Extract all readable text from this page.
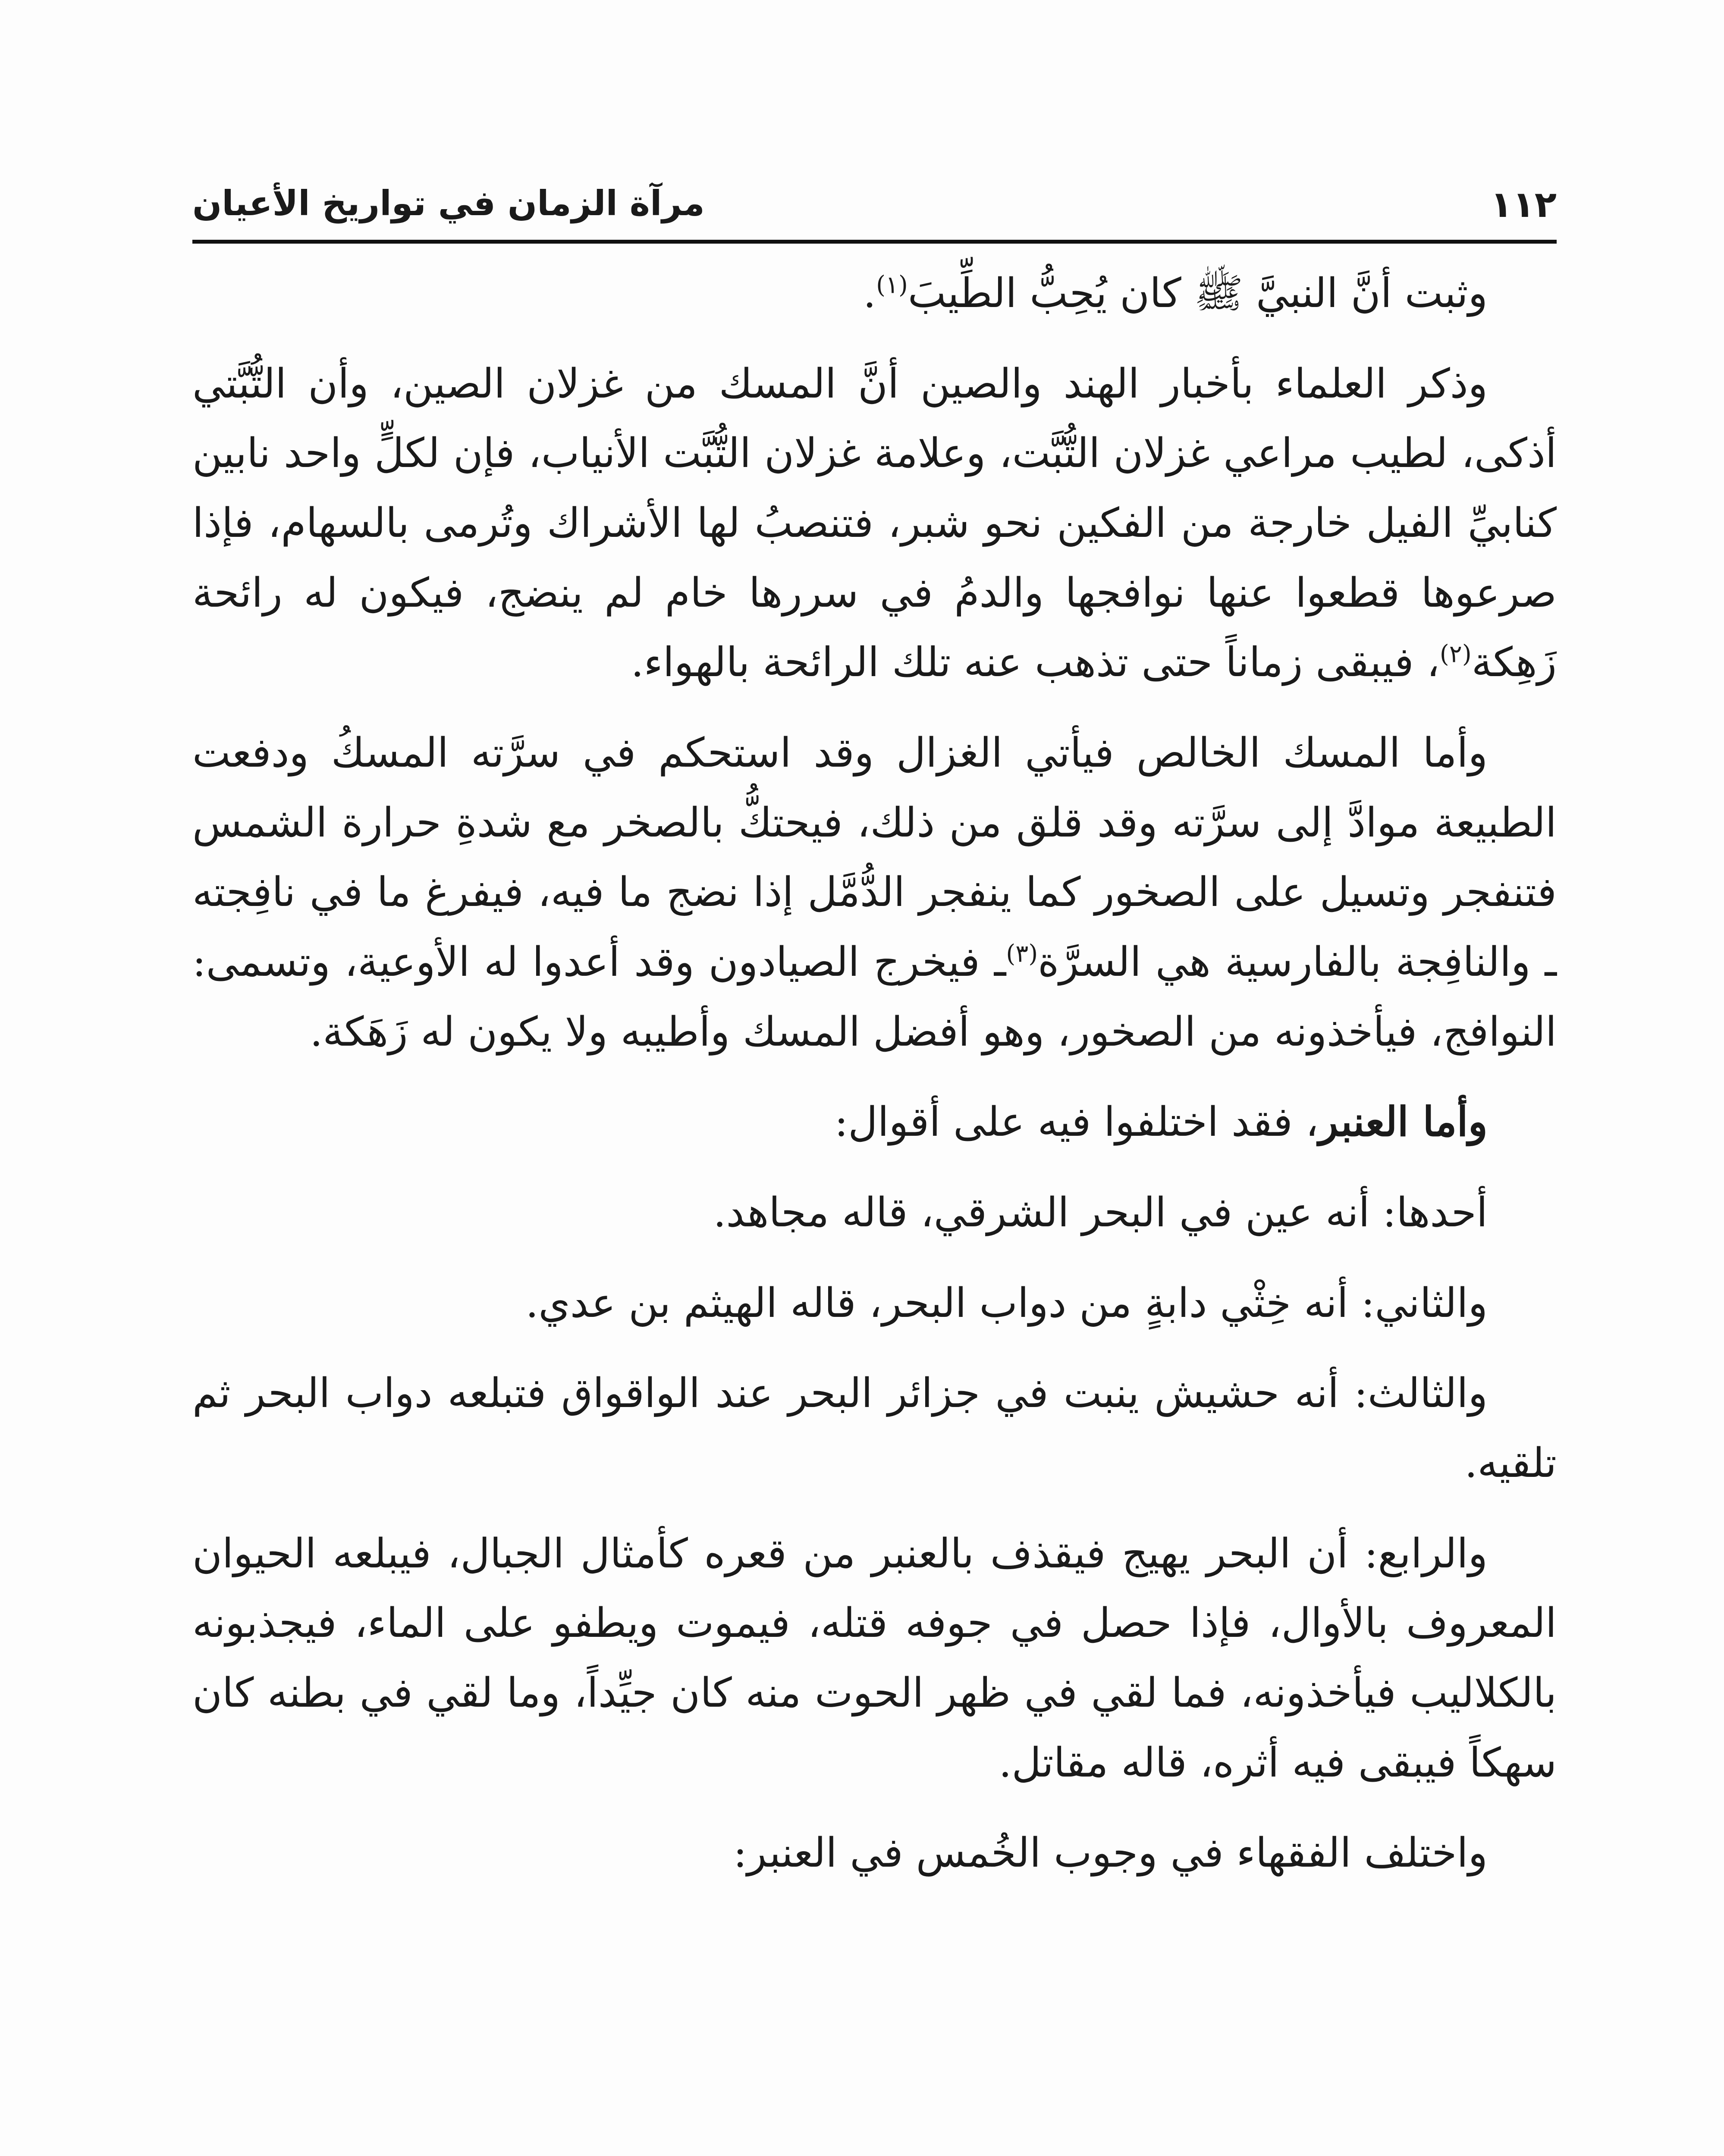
١١٢
مرآة الزمان في تواريخ الأعيان

وثبت أنَّ النبيَّ ﷺ كان يُحِبُّ الطِّيبَ$^{(١)}$.

وذكر العلماء بأخبار الهند والصين أنَّ المسك من غزلان الصين، وأن التُّبَّتي أذكى، لطيب مراعي غزلان التُّبَّت، وعلامة غزلان التُّبَّت الأنياب، فإن لكلٍّ واحد نابين كنابيِّ الفيل خارجة من الفكين نحو شبر، فتنصبُ لها الأشراك وتُرمى بالسهام، فإذا صرعوها قطعوا عنها نوافجها والدمُ في سررها خام لم ينضج، فيكون له رائحة زَهِكة$^{(٢)}$، فيبقى زماناً حتى تذهب عنه تلك الرائحة بالهواء.

وأما المسك الخالص فيأتي الغزال وقد استحكم في سرَّته المسكُ ودفعت الطبيعة موادَّ إلى سرَّته وقد قلق من ذلك، فيحتكُّ بالصخر مع شدةِ حرارة الشمس فتنفجر وتسيل على الصخور كما ينفجر الدُّمَّل إذا نضج ما فيه، فيفرغ ما في نافِجته ـ والنافِجة بالفارسية هي السرَّة$^{(٣)}$ـ فيخرج الصيادون وقد أعدوا له الأوعية، وتسمى: النوافج، فيأخذونه من الصخور، وهو أفضل المسك وأطيبه ولا يكون له زَهَكة.

وأما العنبر، فقد اختلفوا فيه على أقوال:

أحدها: أنه عين في البحر الشرقي، قاله مجاهد.

والثاني: أنه خِثْي دابةٍ من دواب البحر، قاله الهيثم بن عدي.

والثالث: أنه حشيش ينبت في جزائر البحر عند الواقواق فتبلعه دواب البحر ثم تلقيه.

والرابع: أن البحر يهيج فيقذف بالعنبر من قعره كأمثال الجبال، فيبلعه الحيوان المعروف بالأوال، فإذا حصل في جوفه قتله، فيموت ويطفو على الماء، فيجذبونه بالكلاليب فيأخذونه، فما لقي في ظهر الحوت منه كان جيِّداً، وما لقي في بطنه كان سهكاً فيبقى فيه أثره، قاله مقاتل.

واختلف الفقهاء في وجوب الخُمس في العنبر:
